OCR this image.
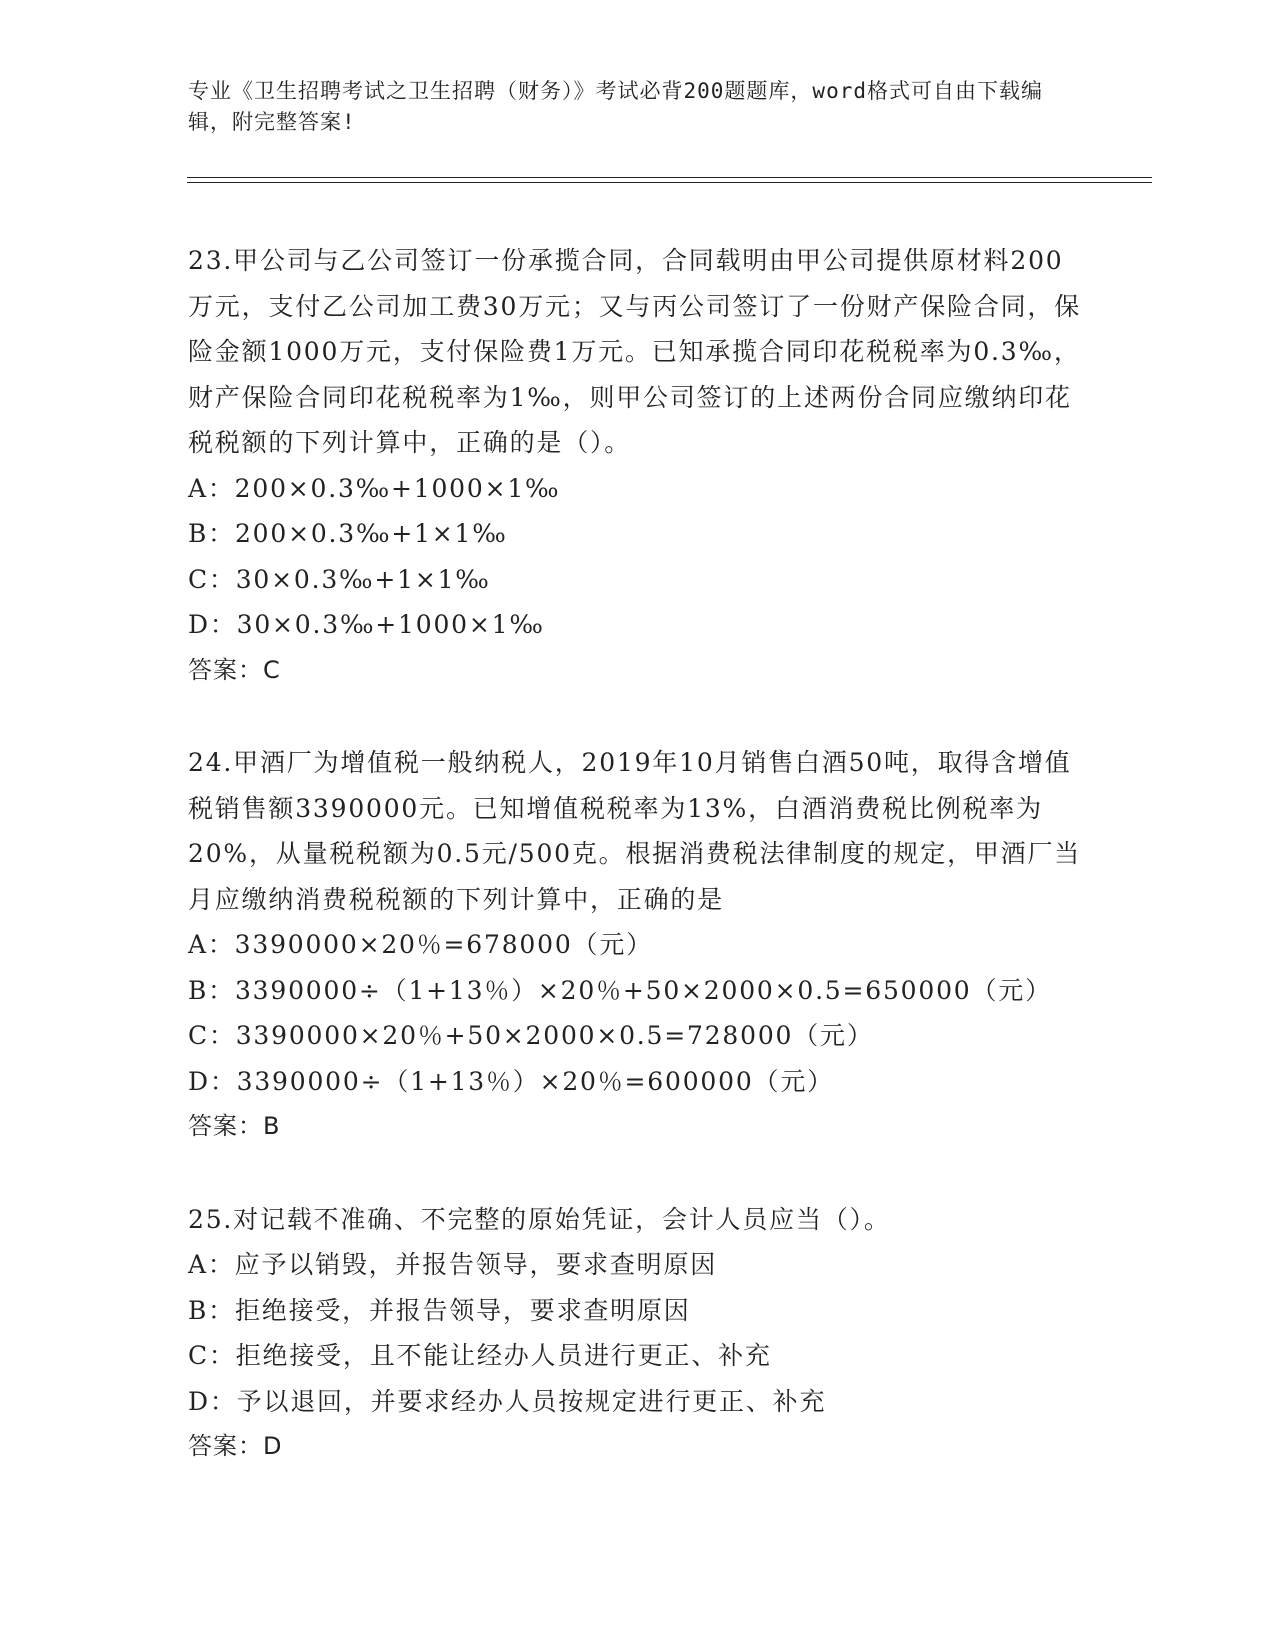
专业《卫生招聘考试之卫生招聘（财务）》考试必背200题题库，word格式可自由下载编辑，附完整答案!

23.甲公司与乙公司签订一份承揽合同，合同载明由甲公司提供原材料200万元，支付乙公司加工费30万元；又与丙公司签订了一份财产保险合同，保险金额1000万元，支付保险费1万元。已知承揽合同印花税税率为0.3‰，财产保险合同印花税税率为1‰，则甲公司签订的上述两份合同应缴纳印花税税额的下列计算中，正确的是（）。

A：200×0.3‰+1000×1‰

B：200×0.3‰+1×1‰

C：30×0.3‰+1×1‰

D：30×0.3‰+1000×1‰

答案：C

24.甲酒厂为增值税一般纳税人，2019年10月销售白酒50吨，取得含增值税销售额3390000元。已知增值税税率为13%，白酒消费税比例税率为20%，从量税税额为0.5元/500克。根据消费税法律制度的规定，甲酒厂当月应缴纳消费税税额的下列计算中，正确的是

A：3390000×20％=678000（元）

B：3390000÷（1+13％）×20％+50×2000×0.5=650000（元）

C：3390000×20％+50×2000×0.5=728000（元）

D：3390000÷（1+13％）×20％=600000（元）

答案：B

25.对记载不准确、不完整的原始凭证，会计人员应当（）。

A：应予以销毁，并报告领导，要求查明原因

B：拒绝接受，并报告领导，要求查明原因

C：拒绝接受，且不能让经办人员进行更正、补充

D：予以退回，并要求经办人员按规定进行更正、补充

答案：D
